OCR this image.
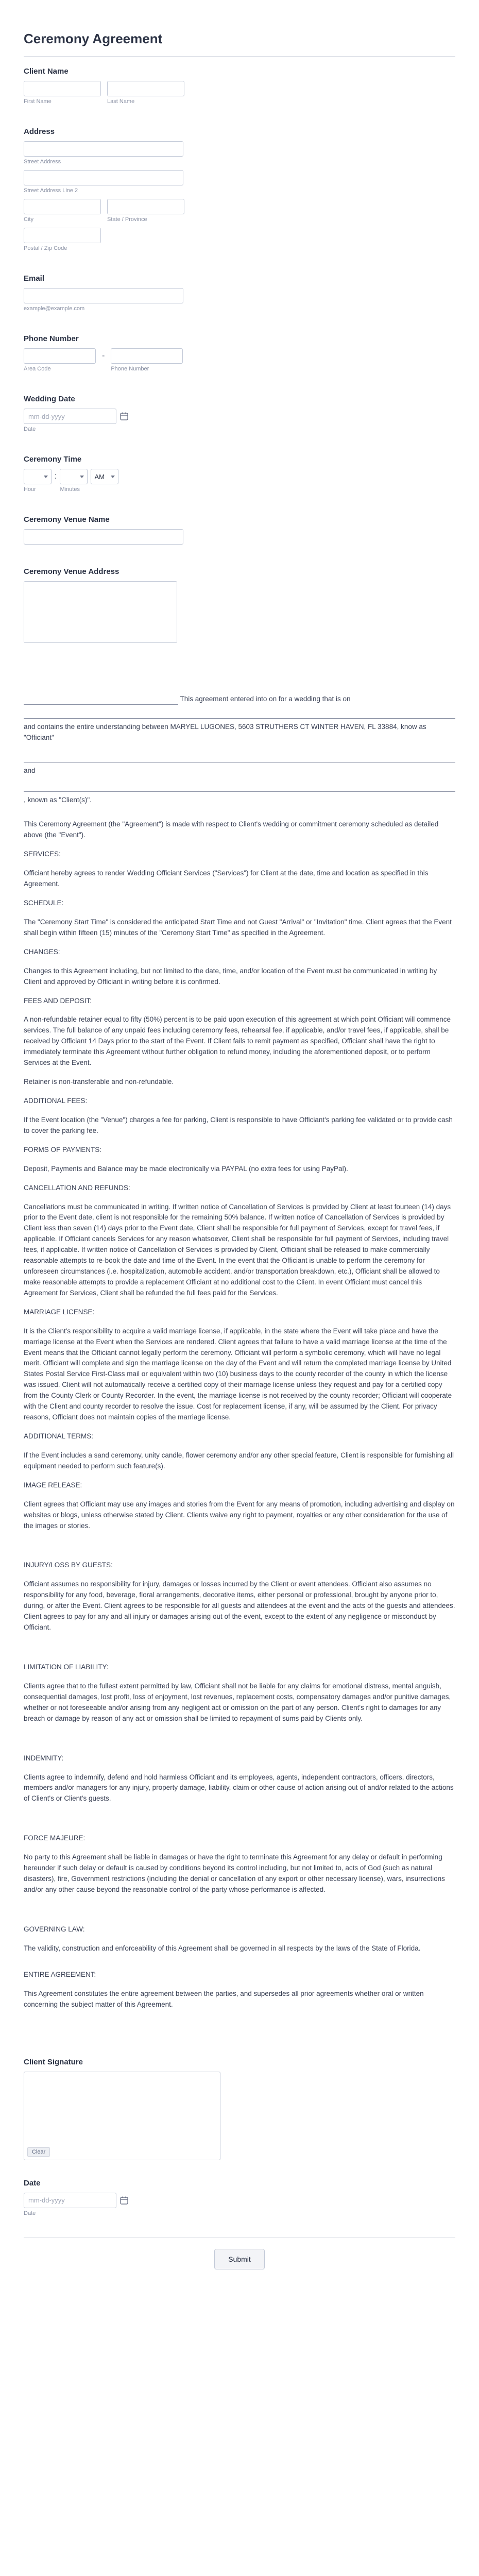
Ceremony Agreement
Client Name
First Name	Last Name
Address
Street Address
Street Address Line 2
City	State / Province
Postal / Zip Code
Email
example@example.com
Phone Number
Area Code
-
Phone Number
Wedding Date
mm-dd-yyyy
Date
Ceremony Time
Hour
:
Minutes
AM

Ceremony Venue Name
Ceremony Venue Address

This agreement entered into on for a wedding that is on

and contains the entire understanding between MARYEL LUGONES, 5603 STRUTHERS CT WINTER HAVEN, FL 33884, know as "Officiant"

and

, known as "Client(s)".

This Ceremony Agreement (the "Agreement") is made with respect to Client's wedding or commitment ceremony scheduled as detailed above (the "Event").

SERVICES:

Officiant hereby agrees to render Wedding Officiant Services ("Services") for Client at the date, time and location as specified in this Agreement.

SCHEDULE:

The "Ceremony Start Time" is considered the anticipated Start Time and not Guest "Arrival" or "Invitation" time. Client agrees that the Event shall begin within fifteen (15) minutes of the "Ceremony Start Time" as specified in the Agreement.

CHANGES:

Changes to this Agreement including, but not limited to the date, time, and/or location of the Event must be communicated in writing by Client and approved by Officiant in writing before it is confirmed.

FEES AND DEPOSIT:

A non-refundable retainer equal to fifty (50%) percent is to be paid upon execution of this agreement at which point Officiant will commence services. The full balance of any unpaid fees including ceremony fees, rehearsal fee, if applicable, and/or travel fees, if applicable, shall be received by Officiant 14 Days prior to the start of the Event. If Client fails to remit payment as specified, Officiant shall have the right to immediately terminate this Agreement without further obligation to refund money, including the aforementioned deposit, or to perform Services at the Event.

Retainer is non-transferable and non-refundable.

ADDITIONAL FEES:

If the Event location (the "Venue") charges a fee for parking, Client is responsible to have Officiant's parking fee validated or to provide cash to cover the parking fee.

FORMS OF PAYMENTS:

Deposit, Payments and Balance may be made electronically via PAYPAL (no extra fees for using PayPal).

CANCELLATION AND REFUNDS:

Cancellations must be communicated in writing. If written notice of Cancellation of Services is provided by Client at least fourteen (14) days prior to the Event date, client is not responsible for the remaining 50% balance. If written notice of Cancellation of Services is provided by Client less than seven (14) days prior to the Event date, Client shall be responsible for full payment of Services, except for travel fees, if applicable. If Officiant cancels Services for any reason whatsoever, Client shall be responsible for full payment of Services, including travel fees, if applicable. If written notice of Cancellation of Services is provided by Client, Officiant shall be released to make commercially reasonable attempts to re-book the date and time of the Event. In the event that the Officiant is unable to perform the ceremony for unforeseen circumstances (i.e. hospitalization, automobile accident, and/or transportation breakdown, etc.), Officiant shall be allowed to make reasonable attempts to provide a replacement Officiant at no additional cost to the Client. In event Officiant must cancel this Agreement for Services, Client shall be refunded the full fees paid for the Services.

MARRIAGE LICENSE:

It is the Client's responsibility to acquire a valid marriage license, if applicable, in the state where the Event will take place and have the marriage license at the Event when the Services are rendered. Client agrees that failure to have a valid marriage license at the time of the Event means that the Officiant cannot legally perform the ceremony. Officiant will perform a symbolic ceremony, which will have no legal merit. Officiant will complete and sign the marriage license on the day of the Event and will return the completed marriage license by United States Postal Service First-Class mail or equivalent within two (10) business days to the county recorder of the county in which the license was issued. Client will not automatically receive a certified copy of their marriage license unless they request and pay for a certified copy from the County Clerk or County Recorder. In the event, the marriage license is not received by the county recorder; Officiant will cooperate with the Client and county recorder to resolve the issue. Cost for replacement license, if any, will be assumed by the Client. For privacy reasons, Officiant does not maintain copies of the marriage license.

ADDITIONAL TERMS:

If the Event includes a sand ceremony, unity candle, flower ceremony and/or any other special feature, Client is responsible for furnishing all equipment needed to perform such feature(s).

IMAGE RELEASE:

Client agrees that Officiant may use any images and stories from the Event for any means of promotion, including advertising and display on websites or blogs, unless otherwise stated by Client. Clients waive any right to payment, royalties or any other consideration for the use of the images or stories.

INJURY/LOSS BY GUESTS:

Officiant assumes no responsibility for injury, damages or losses incurred by the Client or event attendees. Officiant also assumes no responsibility for any food, beverage, floral arrangements, decorative items, either personal or professional, brought by anyone prior to, during, or after the Event. Client agrees to be responsible for all guests and attendees at the event and the acts of the guests and attendees. Client agrees to pay for any and all injury or damages arising out of the event, except to the extent of any negligence or misconduct by Officiant.

LIMITATION OF LIABILITY:

Clients agree that to the fullest extent permitted by law, Officiant shall not be liable for any claims for emotional distress, mental anguish, consequential damages, lost profit, loss of enjoyment, lost revenues, replacement costs, compensatory damages and/or punitive damages, whether or not foreseeable and/or arising from any negligent act or omission on the part of any person. Client's right to damages for any breach or damage by reason of any act or omission shall be limited to repayment of sums paid by Clients only.

INDEMNITY:

Clients agree to indemnify, defend and hold harmless Officiant and its employees, agents, independent contractors, officers, directors, members and/or managers for any injury, property damage, liability, claim or other cause of action arising out of and/or related to the actions of Client's or Client's guests.

FORCE MAJEURE:

No party to this Agreement shall be liable in damages or have the right to terminate this Agreement for any delay or default in performing hereunder if such delay or default is caused by conditions beyond its control including, but not limited to, acts of God (such as natural disasters), fire, Government restrictions (including the denial or cancellation of any export or other necessary license), wars, insurrections and/or any other cause beyond the reasonable control of the party whose performance is affected.

GOVERNING LAW:

The validity, construction and enforceability of this Agreement shall be governed in all respects by the laws of the State of Florida.

ENTIRE AGREEMENT:

This Agreement constitutes the entire agreement between the parties, and supersedes all prior agreements whether oral or written concerning the subject matter of this Agreement.

Client Signature
Clear
Date
mm-dd-yyyy
Date
Submit
